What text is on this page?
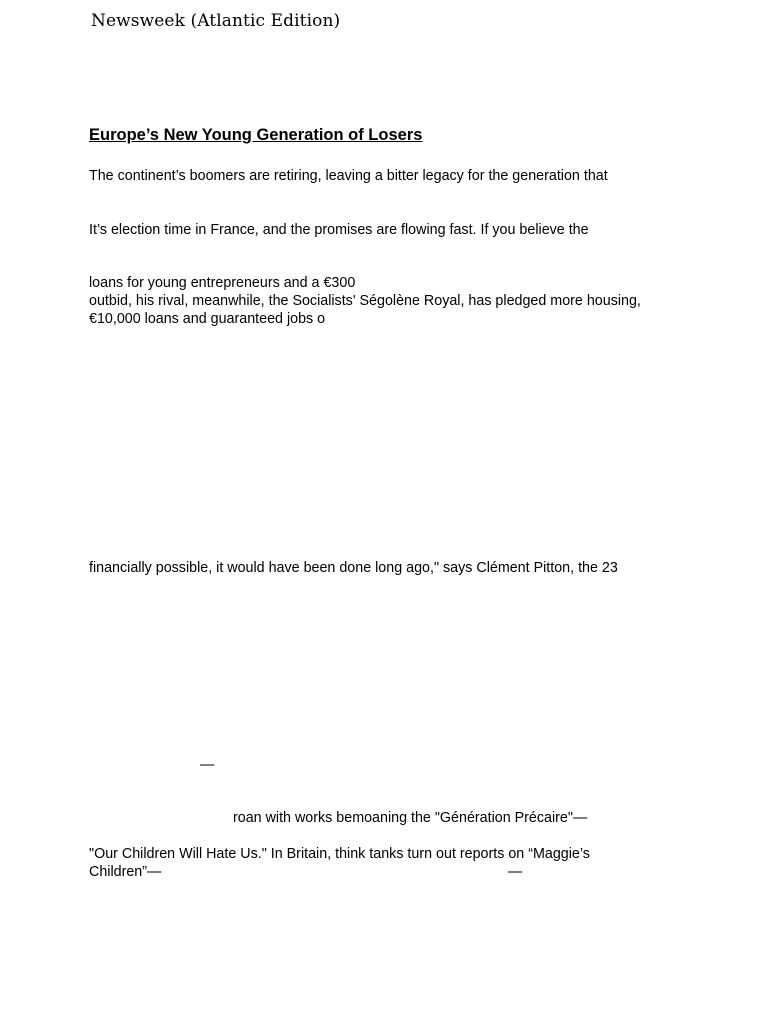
Newsweek (Atlantic Edition)
Europe’s New Young Generation of Losers
The continent’s boomers are retiring, leaving a bitter legacy for the generation that
It’s election time in France, and the promises are flowing fast. If you believe the
loans for young entrepreneurs and a €300
outbid, his rival, meanwhile, the Socialists' Ségolène Royal, has pledged more housing,
€10,000 loans and guaranteed jobs o
financially possible, it would have been done long ago," says Clément Pitton, the 23
—
roan with works bemoaning the "Génération Précaire"—
"Our Children Will Hate Us." In Britain, think tanks turn out reports on “Maggie’s
Children”—	—
